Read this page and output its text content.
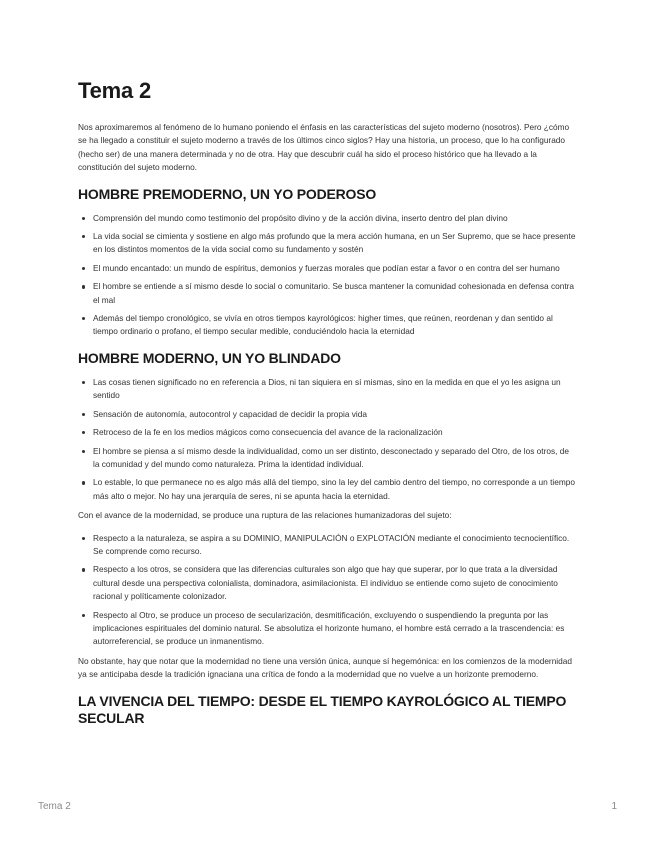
Tema 2

Nos aproximaremos al fenómeno de lo humano poniendo el énfasis en las características del sujeto moderno (nosotros). Pero ¿cómo se ha llegado a constituir el sujeto moderno a través de los últimos cinco siglos? Hay una historia, un proceso, que lo ha configurado (hecho ser) de una manera determinada y no de otra. Hay que descubrir cuál ha sido el proceso histórico que ha llevado a la constitución del sujeto moderno.

HOMBRE PREMODERNO, UN YO PODEROSO
Comprensión del mundo como testimonio del propósito divino y de la acción divina, inserto dentro del plan divino
La vida social se cimienta y sostiene en algo más profundo que la mera acción humana, en un Ser Supremo, que se hace presente en los distintos momentos de la vida social como su fundamento y sostén
El mundo encantado: un mundo de espíritus, demonios y fuerzas morales que podían estar a favor o en contra del ser humano
El hombre se entiende a sí mismo desde lo social o comunitario. Se busca mantener la comunidad cohesionada en defensa contra el mal
Además del tiempo cronológico, se vivía en otros tiempos kayrológicos: higher times, que reúnen, reordenan y dan sentido al tiempo ordinario o profano, el tiempo secular medible, conduciéndolo hacia la eternidad
HOMBRE MODERNO, UN YO BLINDADO
Las cosas tienen significado no en referencia a Dios, ni tan siquiera en sí mismas, sino en la medida en que el yo les asigna un sentido
Sensación de autonomía, autocontrol y capacidad de decidir la propia vida
Retroceso de la fe en los medios mágicos como consecuencia del avance de la racionalización
El hombre se piensa a sí mismo desde la individualidad, como un ser distinto, desconectado y separado del Otro, de los otros, de la comunidad y del mundo como naturaleza. Prima la identidad individual.
Lo estable, lo que permanece no es algo más allá del tiempo, sino la ley del cambio dentro del tiempo, no corresponde a un tiempo más alto o mejor. No hay una jerarquía de seres, ni se apunta hacia la eternidad.

Con el avance de la modernidad, se produce una ruptura de las relaciones humanizadoras del sujeto:

Respecto a la naturaleza, se aspira a su DOMINIO, MANIPULACIÓN o EXPLOTACIÓN mediante el conocimiento tecnocientífico. Se comprende como recurso.
Respecto a los otros, se considera que las diferencias culturales son algo que hay que superar, por lo que trata a la diversidad cultural desde una perspectiva colonialista, dominadora, asimilacionista. El individuo se entiende como sujeto de conocimiento racional y políticamente colonizador.
Respecto al Otro, se produce un proceso de secularización, desmitificación, excluyendo o suspendiendo la pregunta por las implicaciones espirituales del dominio natural. Se absolutiza el horizonte humano, el hombre está cerrado a la trascendencia: es autorreferencial, se produce un inmanentismo.

No obstante, hay que notar que la modernidad no tiene una versión única, aunque sí hegemónica: en los comienzos de la modernidad ya se anticipaba desde la tradición ignaciana una crítica de fondo a la modernidad que no vuelve a un horizonte premoderno.

LA VIVENCIA DEL TIEMPO: DESDE EL TIEMPO KAYROLÓGICO AL TIEMPO SECULAR
Tema 2	1
